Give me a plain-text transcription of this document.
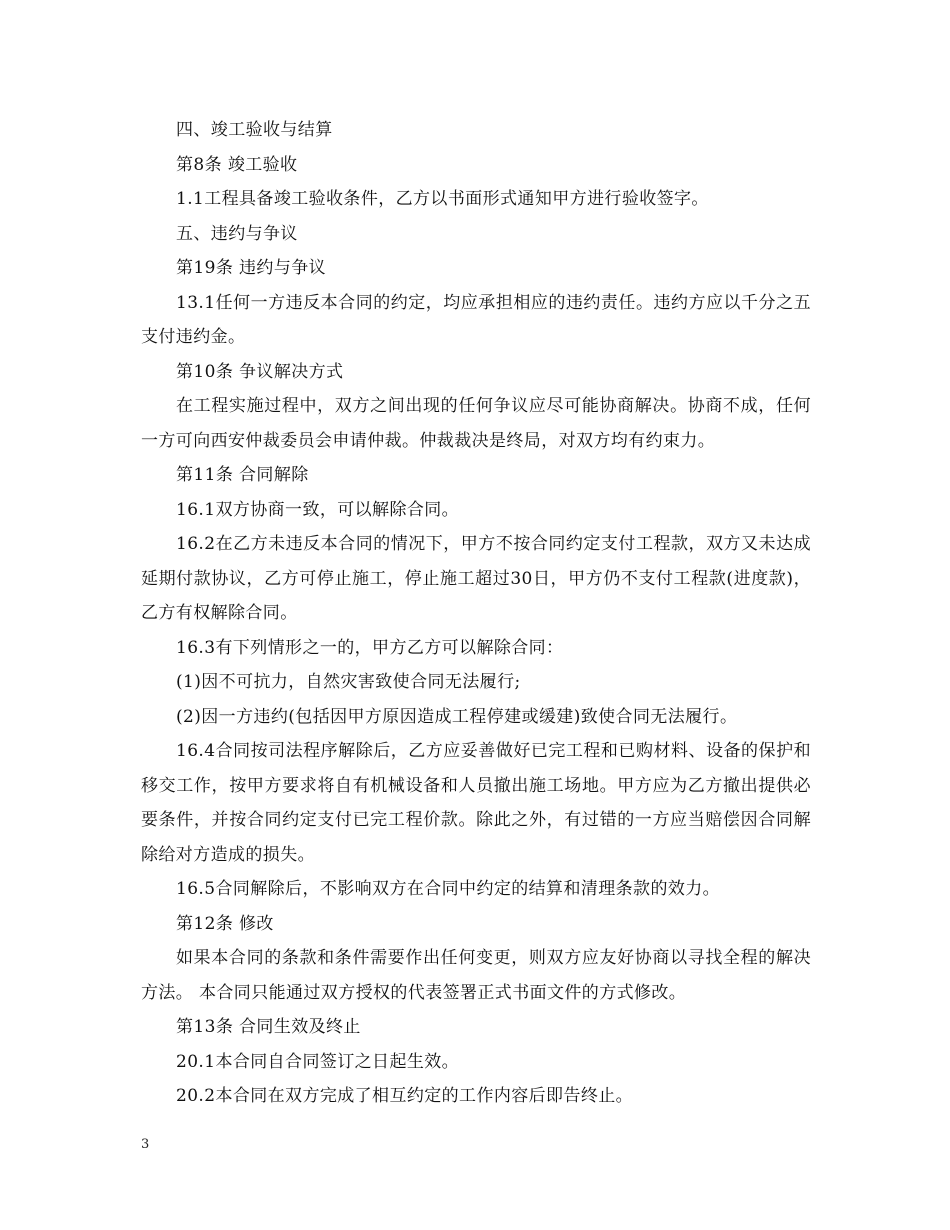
四、竣工验收与结算

第8条 竣工验收

1.1工程具备竣工验收条件，乙方以书面形式通知甲方进行验收签字。

五、违约与争议

第19条 违约与争议

13.1任何一方违反本合同的约定，均应承担相应的违约责任。违约方应以千分之五支付违约金。

第10条 争议解决方式

在工程实施过程中，双方之间出现的任何争议应尽可能协商解决。协商不成，任何一方可向西安仲裁委员会申请仲裁。仲裁裁决是终局，对双方均有约束力。

第11条 合同解除

16.1双方协商一致，可以解除合同。

16.2在乙方未违反本合同的情况下，甲方不按合同约定支付工程款，双方又未达成延期付款协议，乙方可停止施工，停止施工超过30日，甲方仍不支付工程款(进度款)，乙方有权解除合同。

16.3有下列情形之一的，甲方乙方可以解除合同：

(1)因不可抗力，自然灾害致使合同无法履行;

(2)因一方违约(包括因甲方原因造成工程停建或缓建)致使合同无法履行。

16.4合同按司法程序解除后，乙方应妥善做好已完工程和已购材料、设备的保护和 移交工作，按甲方要求将自有机械设备和人员撤出施工场地。甲方应为乙方撤出提供必要条件，并按合同约定支付已完工程价款。除此之外，有过错的一方应当赔偿因合同解除给对方造成的损失。

16.5合同解除后，不影响双方在合同中约定的结算和清理条款的效力。

第12条 修改

如果本合同的条款和条件需要作出任何变更，则双方应友好协商以寻找全程的解决方法。 本合同只能通过双方授权的代表签署正式书面文件的方式修改。

第13条 合同生效及终止

20.1本合同自合同签订之日起生效。

20.2本合同在双方完成了相互约定的工作内容后即告终止。

3
